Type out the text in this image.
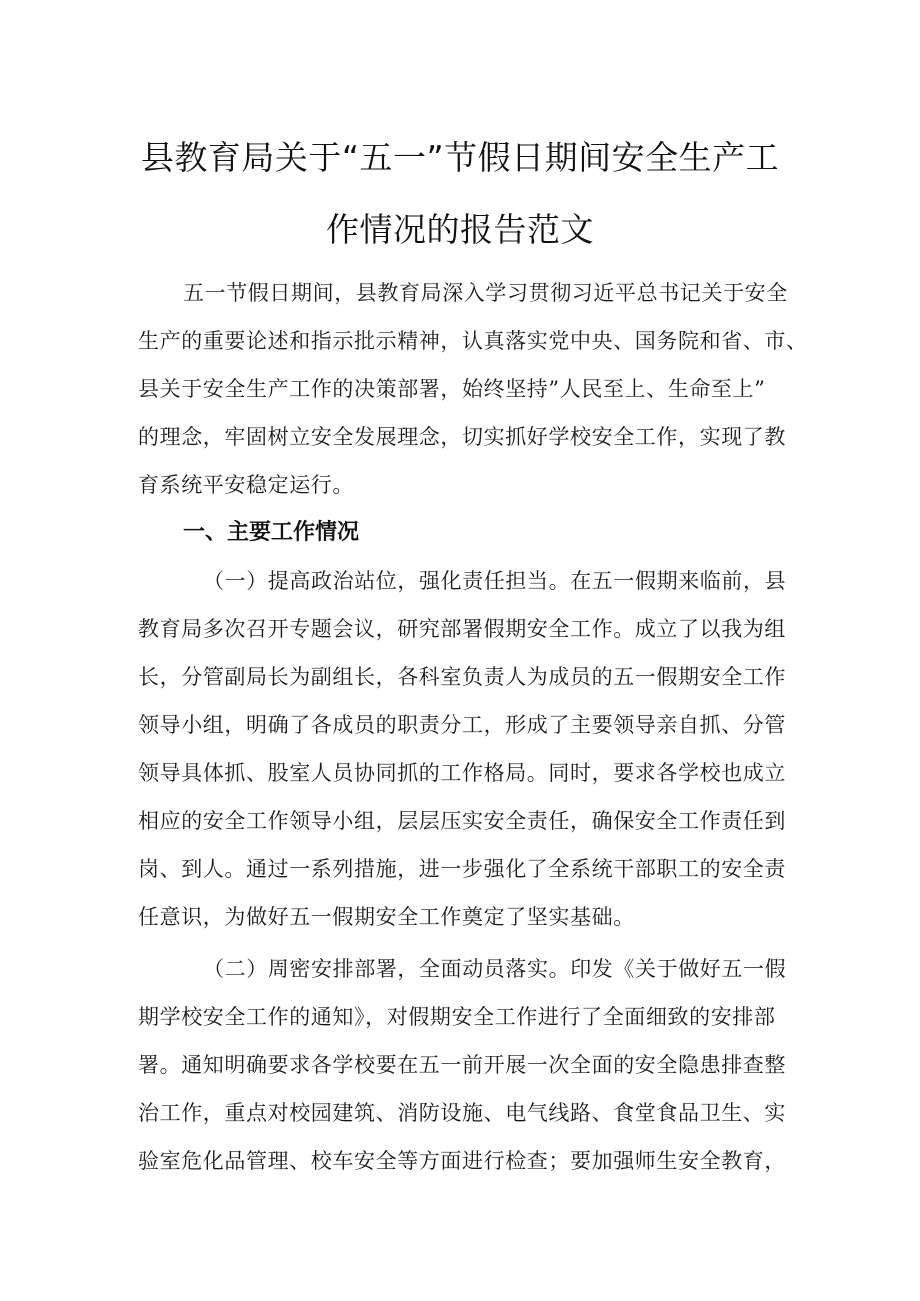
县教育局关于“五一”节假日期间安全生产工
作情况的报告范文

五一节假日期间，县教育局深入学习贯彻习近平总书记关于安全

生产的重要论述和指示批示精神，认真落实党中央、国务院和省、市、

县关于安全生产工作的决策部署，始终坚持”人民至上、生命至上”

的理念，牢固树立安全发展理念，切实抓好学校安全工作，实现了教

育系统平安稳定运行。

一、主要工作情况

（一）提高政治站位，强化责任担当。在五一假期来临前，县

教育局多次召开专题会议，研究部署假期安全工作。成立了以我为组

长，分管副局长为副组长，各科室负责人为成员的五一假期安全工作

领导小组，明确了各成员的职责分工，形成了主要领导亲自抓、分管

领导具体抓、股室人员协同抓的工作格局。同时，要求各学校也成立

相应的安全工作领导小组，层层压实安全责任，确保安全工作责任到

岗、到人。通过一系列措施，进一步强化了全系统干部职工的安全责

任意识，为做好五一假期安全工作奠定了坚实基础。

（二）周密安排部署，全面动员落实。印发《关于做好五一假

期学校安全工作的通知》，对假期安全工作进行了全面细致的安排部

署。通知明确要求各学校要在五一前开展一次全面的安全隐患排查整

治工作，重点对校园建筑、消防设施、电气线路、食堂食品卫生、实

验室危化品管理、校车安全等方面进行检查；要加强师生安全教育，
